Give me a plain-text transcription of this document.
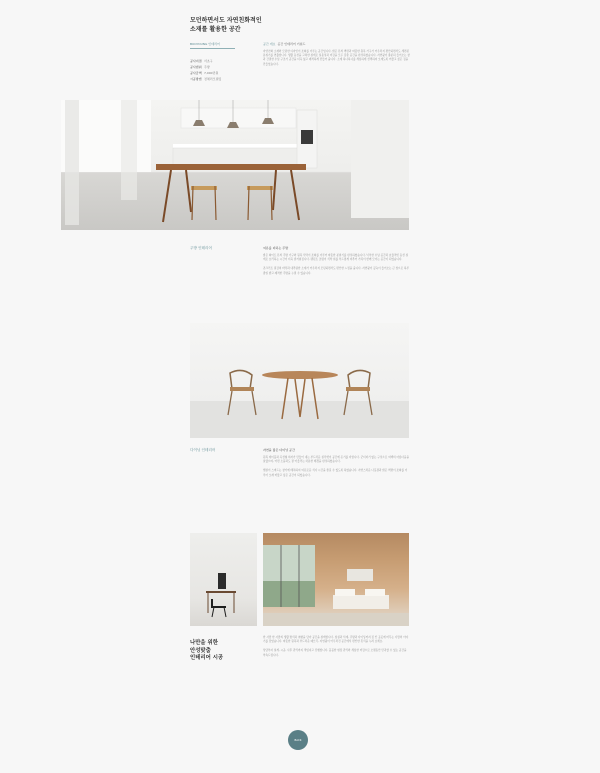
모던하면서도 자연친화적인
소재를 활용한 공간
BOOYOUNG 인테리어
공사지점 서초구
공사범위 주방
공사금액 7,000만원
시공방법 전체리모델링
공간 개요 공간 인테리어 키워드

자연친화 소재와 모던한 디자인이 조화를 이루는 공간입니다. 밝은 톤의 벽면과 따뜻한 원목 가구가 어우러져 편안하면서도 세련된 분위기를 연출합니다. 생활 동선을 고려한 설계로 실용성과 미감을 모두 갖춘 공간을 완성하였습니다. 자연광이 충분히 들어오는 창과 간결한 수납 구조가 공간을 더욱 넓고 쾌적하게 만들어 줍니다. 소재 하나하나를 세심하게 선택하여 오래도록 머물고 싶은 집을 만들었습니다.

주방 인테리어	여유를 더하는 주방

밝은 화이트 톤의 주방 가구와 원목 식탁이 조화를 이루어 따뜻한 분위기를 완성하였습니다. 넉넉한 수납 공간과 효율적인 동선 설계로 요리하는 시간이 더욱 즐거워집니다. 펜던트 조명이 식탁 위를 부드럽게 비추어 가족이 함께 모이는 공간이 되었습니다.

콘크리트 질감의 바닥과 내추럴한 소재가 어우러져 모던하면서도 편안한 느낌을 줍니다. 자연광이 깊숙이 들어오는 큰 창으로 하루 종일 밝고 쾌적한 주방을 누릴 수 있습니다.

다이닝 인테리어	자연을 닮은 다이닝 공간

원목 테이블과 곡선형 의자가 만들어 내는 부드러운 실루엣이 공간에 온기를 더합니다. 군더더기 없는 구성으로 여백의 아름다움을 살렸으며, 어떤 소품과도 잘 어울리는 차분한 배경을 완성하였습니다.

햇살이 스며드는 창가에 배치하여 여유로운 식사 시간을 즐길 수 있도록 하였습니다. 자연스러운 나뭇결과 밝은 벽면이 조화를 이루어 오래 머물고 싶은 공간이 되었습니다.

나만을 위한
안성맞춤
인테리어 시공

한 사람 한 사람의 생활 방식과 취향을 담아 공간을 설계합니다. 침실과 서재, 주방과 다이닝까지 집 안 곳곳에 머무는 사람의 이야기를 담았습니다. 따뜻한 원목과 부드러운 패브릭, 자연광이 어우러진 공간에서 편안한 휴식을 누려 보세요.

상담부터 설계, 시공, 사후 관리까지 책임지고 진행합니다. 꼼꼼한 현장 관리와 세심한 마감으로 오랫동안 만족할 수 있는 공간을 약속드립니다.

BACK
